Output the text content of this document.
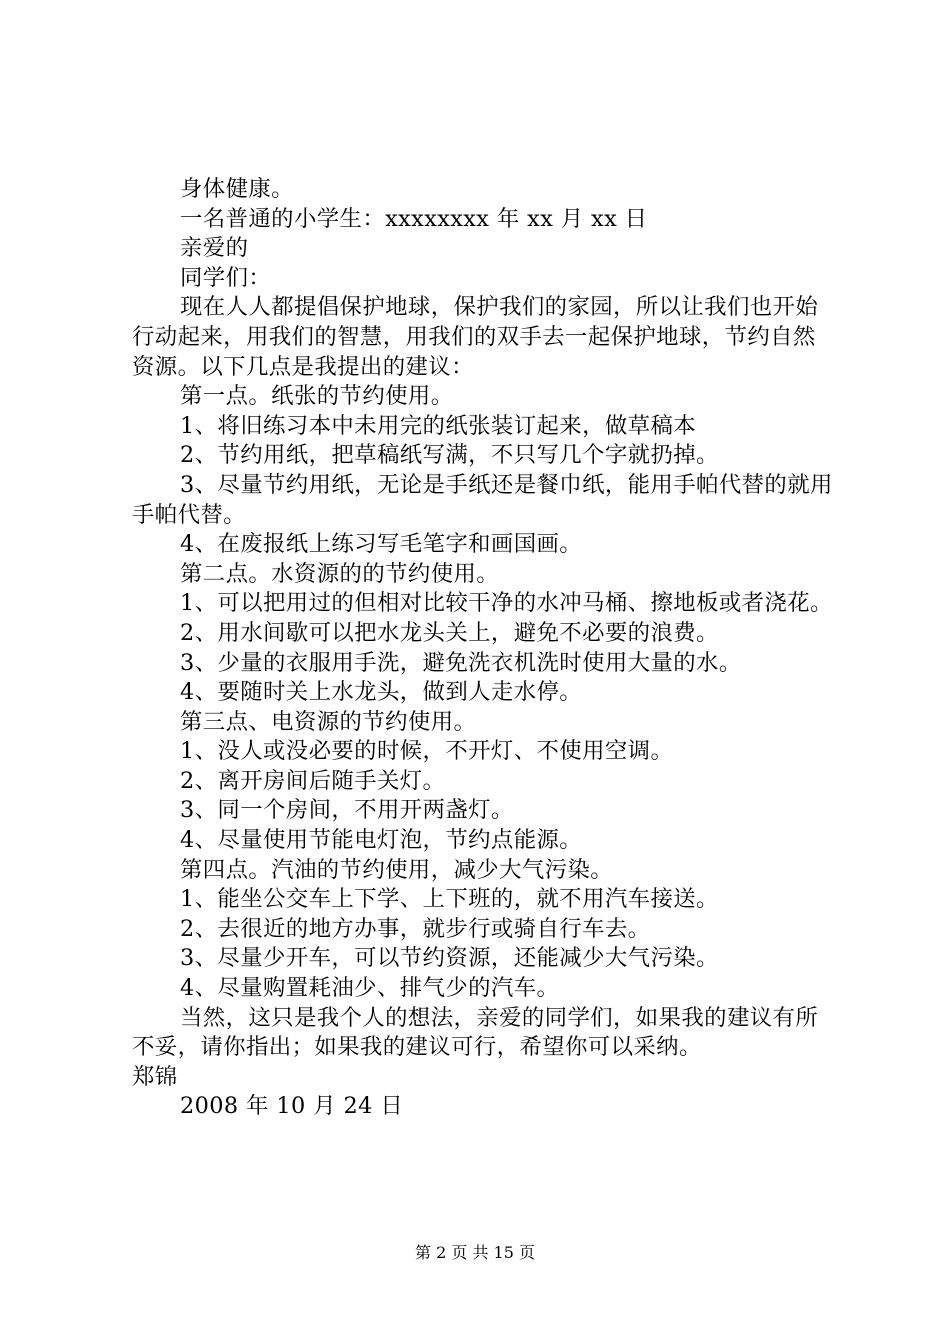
身体健康。

一名普通的小学生：xxxxxxxx 年 xx 月 xx 日

亲爱的

同学们：

现在人人都提倡保护地球，保护我们的家园，所以让我们也开始行动起来，用我们的智慧，用我们的双手去一起保护地球，节约自然资源。以下几点是我提出的建议：

第一点。纸张的节约使用。

1、将旧练习本中未用完的纸张装订起来，做草稿本

2、节约用纸，把草稿纸写满，不只写几个字就扔掉。

3、尽量节约用纸，无论是手纸还是餐巾纸，能用手帕代替的就用手帕代替。

4、在废报纸上练习写毛笔字和画国画。

第二点。水资源的的节约使用。

1、可以把用过的但相对比较干净的水冲马桶、擦地板或者浇花。

2、用水间歇可以把水龙头关上，避免不必要的浪费。

3、少量的衣服用手洗，避免洗衣机洗时使用大量的水。

4、要随时关上水龙头，做到人走水停。

第三点、电资源的节约使用。

1、没人或没必要的时候，不开灯、不使用空调。

2、离开房间后随手关灯。

3、同一个房间，不用开两盏灯。

4、尽量使用节能电灯泡，节约点能源。

第四点。汽油的节约使用，减少大气污染。

1、能坐公交车上下学、上下班的，就不用汽车接送。

2、去很近的地方办事，就步行或骑自行车去。

3、尽量少开车，可以节约资源，还能减少大气污染。

4、尽量购置耗油少、排气少的汽车。

当然，这只是我个人的想法，亲爱的同学们，如果我的建议有所不妥，请你指出；如果我的建议可行，希望你可以采纳。

郑锦

2008 年 10 月 24 日

第 2 页 共 15 页
